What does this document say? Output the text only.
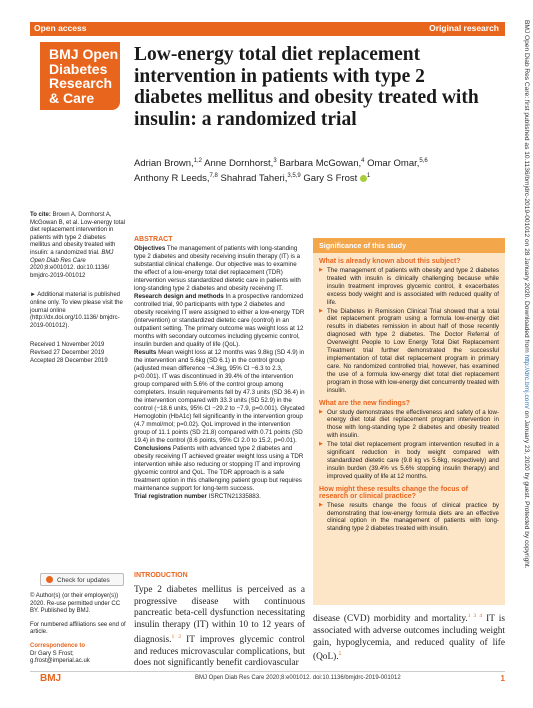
Open access	Original research
BMJ Open
Diabetes
Research
& Care
Low-energy total diet replacement intervention in patients with type 2 diabetes mellitus and obesity treated with insulin: a randomized trial
Adrian Brown,$^{1,2}$ Anne Dornhorst,$^3$ Barbara McGowan,$^4$ Omar Omar,$^{5,6}$
Anthony R Leeds,$^{7,8}$ Shahrad Taheri,$^{3,5,9}$ Gary S Frost $^1$

To cite: Brown A, Dornhorst A, McGowan B, et al. Low-energy total diet replacement intervention in patients with type 2 diabetes mellitus and obesity treated with insulin: a randomized trial. BMJ Open Diab Res Care 2020;8:e001012. doi:10.1136/ bmjdrc-2019-001012

► Additional material is published online only. To view please visit the journal online (http://dx.doi.org/10.1136/ bmjdrc-2019-001012).

Received 1 November 2019

Revised 27 December 2019

Accepted 28 December 2019

Check for updates

© Author(s) (or their employer(s)) 2020. Re-use permitted under CC BY. Published by BMJ.

For numbered affiliations see end of article.

Correspondence to

Dr Gary S Frost;

g.frost@imperial.ac.uk

ABSTRACT

Objectives The management of patients with long-standing type 2 diabetes and obesity receiving insulin therapy (IT) is a substantial clinical challenge. Our objective was to examine the effect of a low-energy total diet replacement (TDR) intervention versus standardized dietetic care in patients with long-standing type 2 diabetes and obesity receiving IT.

Research design and methods In a prospective randomized controlled trial, 90 participants with type 2 diabetes and obesity receiving IT were assigned to either a low-energy TDR (intervention) or standardized dietetic care (control) in an outpatient setting. The primary outcome was weight loss at 12 months with secondary outcomes including glycemic control, insulin burden and quality of life (QoL).

Results Mean weight loss at 12 months was 9.8kg (SD 4.9) in the intervention and 5.6kg (SD 6.1) in the control group (adjusted mean difference −4.3kg, 95% CI −6.3 to 2.3, p<0.001). IT was discontinued in 39.4% of the intervention group compared with 5.6% of the control group among completers. Insulin requirements fell by 47.3 units (SD 36.4) in the intervention compared with 33.3 units (SD 52.9) in the control (−18.6 units, 95% CI −29.2 to −7.9, p=0.001). Glycated Hemoglobin (HbA1c) fell significantly in the intervention group (4.7 mmol/mol; p=0.02). QoL improved in the intervention group of 11.1 points (SD 21.8) compared with 0.71 points (SD 19.4) in the control (8.6 points, 95% CI 2.0 to 15.2, p=0.01).

Conclusions Patients with advanced type 2 diabetes and obesity receiving IT achieved greater weight loss using a TDR intervention while also reducing or stopping IT and improving glycemic control and QoL. The TDR approach is a safe treatment option in this challenging patient group but requires maintenance support for long-term success.

Trial registration number ISRCTN21335883.

INTRODUCTION
Type 2 diabetes mellitus is perceived as a progressive disease with continuous pancreatic beta-cell dysfunction necessitating insulin therapy (IT) within 10 to 12 years of diagnosis.$^{1 2}$ IT improves glycemic control and reduces microvascular complications, but does not significantly benefit cardiovascular
Significance of this study
What is already known about this subject?
▶ The management of patients with obesity and type 2 diabetes treated with insulin is clinically challenging because while insulin treatment improves glycemic control, it exacerbates excess body weight and is associated with reduced quality of life.
▶ The Diabetes in Remission Clinical Trial showed that a total diet replacement program using a formula low-energy diet results in diabetes remission in about half of those recently diagnosed with type 2 diabetes. The Doctor Referral of Overweight People to Low Energy Total Diet Replacement Treatment trial further demonstrated the successful implementation of total diet replacement program in primary care. No randomized controlled trial, however, has examined the use of a formula low-energy diet total diet replacement program in those with low-energy diet concurrently treated with insulin.
What are the new findings?
▶ Our study demonstrates the effectiveness and safety of a low-energy diet total diet replacement program intervention in those with long-standing type 2 diabetes and obesity treated with insulin.
▶ The total diet replacement program intervention resulted in a significant reduction in body weight compared with standardized dietetic care (9.8 kg vs 5.6kg, respectively) and insulin burden (39.4% vs 5.6% stopping insulin therapy) and improved quality of life at 12 months.
How might these results change the focus of research or clinical practice?
▶ These results change the focus of clinical practice by demonstrating that low-energy formula diets are an effective clinical option in the management of patients with long-standing type 2 diabetes treated with insulin.
disease (CVD) morbidity and mortality.$^{1 3 4}$ IT is associated with adverse outcomes including weight gain, hypoglycemia, and reduced quality of life (QoL).$^5$
BMJ	BMJ Open Diab Res Care 2020;8:e001012. doi:10.1136/bmjdrc-2019-001012	1
BMJ Open Diab Res Care: first published as 10.1136/bmjdrc-2019-001012 on 28 January 2020. Downloaded from http://drc.bmj.com/ on January 23, 2020 by guest. Protected by copyright.
